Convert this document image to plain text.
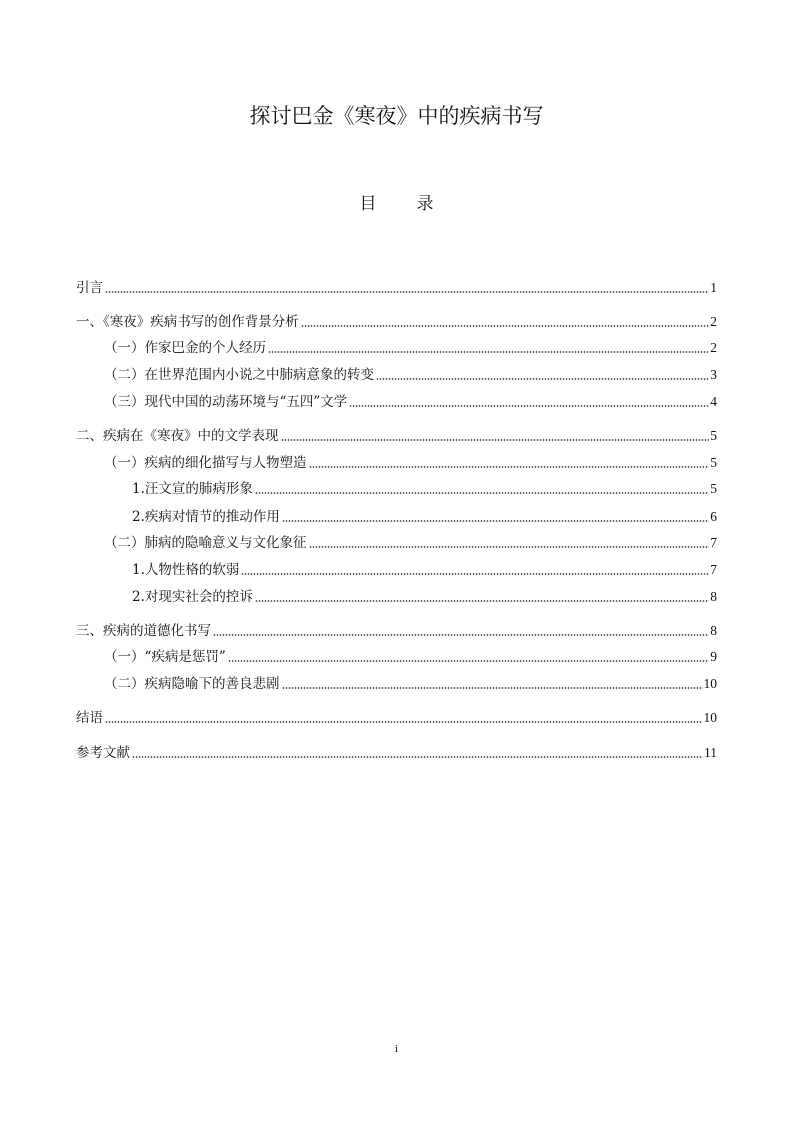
探讨巴金《寒夜》中的疾病书写
目 录
引言	1
一、《寒夜》疾病书写的创作背景分析	2
（一）作家巴金的个人经历	2
（二）在世界范围内小说之中肺病意象的转变	3
（三）现代中国的动荡环境与“五四”文学	4
二、疾病在《寒夜》中的文学表现	5
（一）疾病的细化描写与人物塑造	5
1.汪文宣的肺病形象	5
2.疾病对情节的推动作用	6
（二）肺病的隐喻意义与文化象征	7
1.人物性格的软弱	7
2.对现实社会的控诉	8
三、疾病的道德化书写	8
（一）“疾病是惩罚”	9
（二）疾病隐喻下的善良悲剧	10
结语	10
参考文献	11
i
